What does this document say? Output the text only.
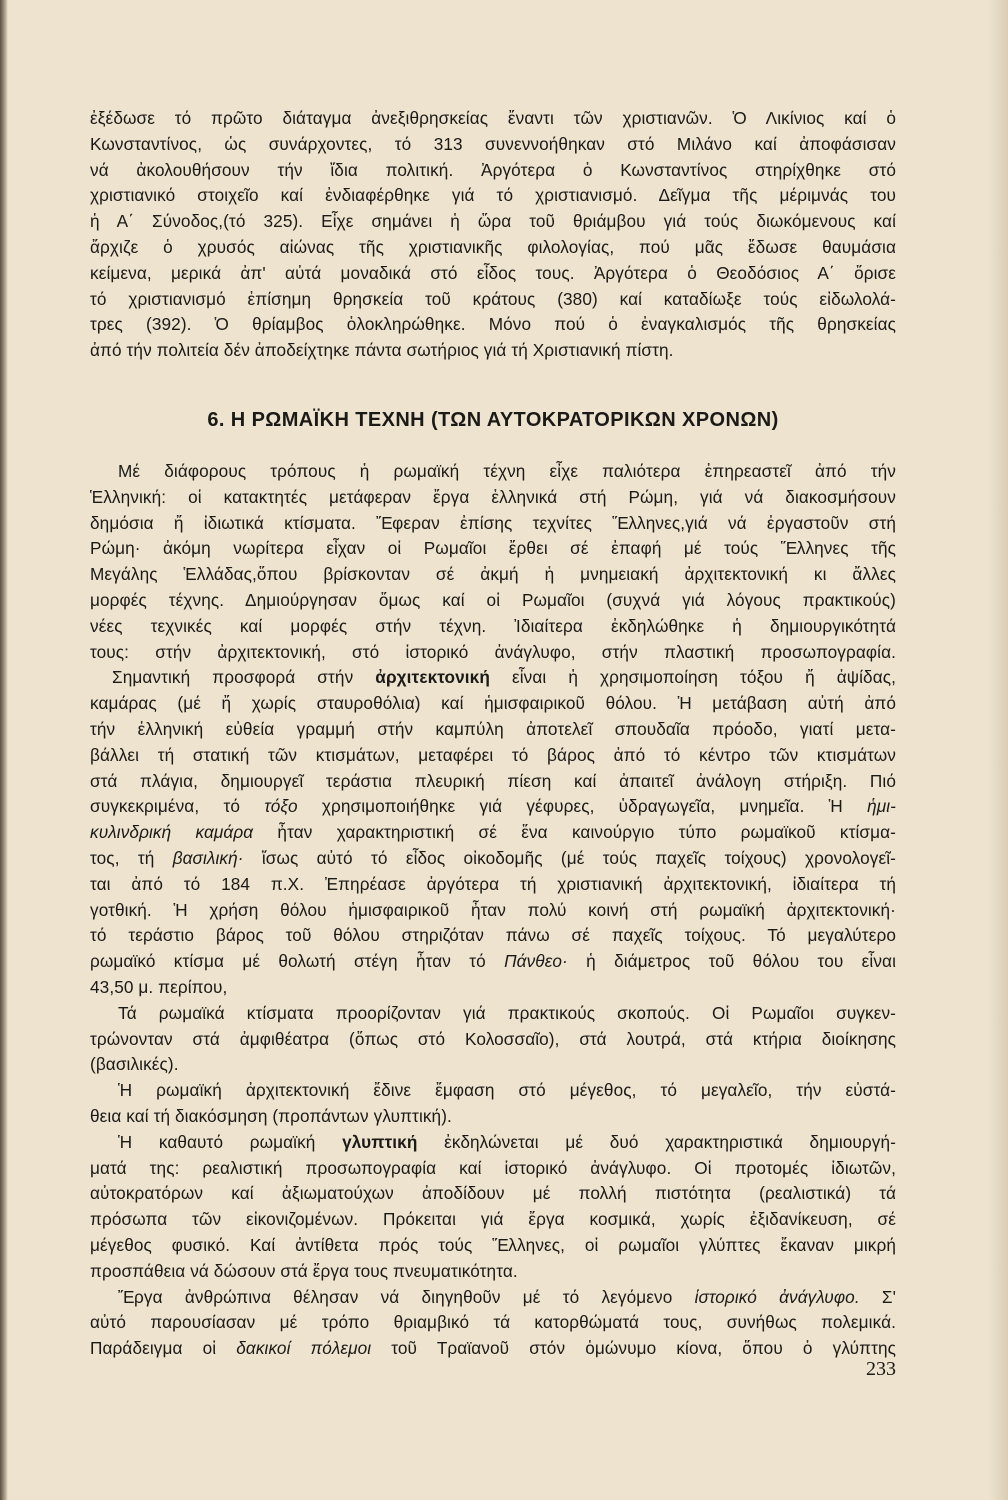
ἐξέδωσε τό πρῶτο διάταγμα ἀνεξιθρησκείας ἔναντι τῶν χριστιανῶν. Ὁ Λικίνιος καί ὁ
Κωνσταντίνος, ὡς συνάρχοντες, τό 313 συνεννοήθηκαν στό Μιλάνο καί ἀποφάσισαν
νά ἀκολουθήσουν τήν ἴδια πολιτική. Ἀργότερα ὁ Κωνσταντίνος στηρίχθηκε στό
χριστιανικό στοιχεῖο καί ἐνδιαφέρθηκε γιά τό χριστιανισμό. Δεῖγμα τῆς μέριμνάς του
ἡ Α΄ Σύνοδος,(τό 325). Εἶχε σημάνει ἡ ὥρα τοῦ θριάμβου γιά τούς διωκόμενους καί
ἄρχιζε ὁ χρυσός αἰώνας τῆς χριστιανικῆς φιλολογίας, πού μᾶς ἔδωσε θαυμάσια
κείμενα, μερικά ἀπ' αὐτά μοναδικά στό εἶδος τους. Ἀργότερα ὁ Θεοδόσιος Α΄ ὅρισε
τό χριστιανισμό ἐπίσημη θρησκεία τοῦ κράτους (380) καί καταδίωξε τούς εἰδωλολά-
τρες (392). Ὁ θρίαμβος ὁλοκληρώθηκε. Μόνο πού ὁ ἐναγκαλισμός τῆς θρησκείας
ἀπό τήν πολιτεία δέν ἀποδείχτηκε πάντα σωτήριος γιά τή Χριστιανική πίστη.
6. Η ΡΩΜΑΪΚΗ ΤΕΧΝΗ (ΤΩΝ ΑΥΤΟΚΡΑΤΟΡΙΚΩΝ ΧΡΟΝΩΝ)
Μέ διάφορους τρόπους ἡ ρωμαϊκή τέχνη εἶχε παλιότερα ἐπηρεαστεῖ ἀπό τήν
Ἑλληνική: οἱ κατακτητές μετάφεραν ἔργα ἑλληνικά στή Ρώμη, γιά νά διακοσμήσουν
δημόσια ἤ ἰδιωτικά κτίσματα. Ἔφεραν ἐπίσης τεχνίτες Ἕλληνες,γιά νά ἐργαστοῦν στή
Ρώμη· ἀκόμη νωρίτερα εἶχαν οἱ Ρωμαῖοι ἔρθει σέ ἐπαφή μέ τούς Ἕλληνες τῆς
Μεγάλης Ἑλλάδας,ὅπου βρίσκονταν σέ ἀκμή ἡ μνημειακή ἀρχιτεκτονική κι ἄλλες
μορφές τέχνης. Δημιούργησαν ὅμως καί οἱ Ρωμαῖοι (συχνά γιά λόγους πρακτικούς)
νέες τεχνικές καί μορφές στήν τέχνη. Ἰδιαίτερα ἐκδηλώθηκε ἡ δημιουργικότητά
τους: στήν ἀρχιτεκτονική, στό ἱστορικό ἀνάγλυφο, στήν πλαστική προσωπογραφία.
Σημαντική προσφορά στήν ἀρχιτεκτονική εἶναι ἡ χρησιμοποίηση τόξου ἤ ἀψίδας,
καμάρας (μέ ἤ χωρίς σταυροθόλια) καί ἡμισφαιρικοῦ θόλου. Ἡ μετάβαση αὐτή ἀπό
τήν ἑλληνική εὐθεία γραμμή στήν καμπύλη ἀποτελεῖ σπουδαῖα πρόοδο, γιατί μετα-
βάλλει τή στατική τῶν κτισμάτων, μεταφέρει τό βάρος ἀπό τό κέντρο τῶν κτισμάτων
στά πλάγια, δημιουργεῖ τεράστια πλευρική πίεση καί ἀπαιτεῖ ἀνάλογη στήριξη. Πιό
συγκεκριμένα, τό τόξο χρησιμοποιήθηκε γιά γέφυρες, ὑδραγωγεῖα, μνημεῖα. Ἡ ἡμι-
κυλινδρική καμάρα ἦταν χαρακτηριστική σέ ἕνα καινούργιο τύπο ρωμαϊκοῦ κτίσμα-
τος, τή βασιλική· ἴσως αὐτό τό εἶδος οἰκοδομῆς (μέ τούς παχεῖς τοίχους) χρονολογεῖ-
ται ἀπό τό 184 π.Χ. Ἐπηρέασε ἀργότερα τή χριστιανική ἀρχιτεκτονική, ἰδιαίτερα τή
γοτθική. Ἡ χρήση θόλου ἡμισφαιρικοῦ ἦταν πολύ κοινή στή ρωμαϊκή ἀρχιτεκτονική·
τό τεράστιο βάρος τοῦ θόλου στηριζόταν πάνω σέ παχεῖς τοίχους. Τό μεγαλύτερο
ρωμαϊκό κτίσμα μέ θολωτή στέγη ἦταν τό Πάνθεο· ἡ διάμετρος τοῦ θόλου του εἶναι
43,50 μ. περίπου,
Τά ρωμαϊκά κτίσματα προορίζονταν γιά πρακτικούς σκοπούς. Οἱ Ρωμαῖοι συγκεν-
τρώνονταν στά ἀμφιθέατρα (ὅπως στό Κολοσσαῖο), στά λουτρά, στά κτήρια διοίκησης
(βασιλικές).
Ἡ ρωμαϊκή ἀρχιτεκτονική ἔδινε ἔμφαση στό μέγεθος, τό μεγαλεῖο, τήν εὐστά-
θεια καί τή διακόσμηση (προπάντων γλυπτική).
Ἡ καθαυτό ρωμαϊκή γλυπτική ἐκδηλώνεται μέ δυό χαρακτηριστικά δημιουργή-
ματά της: ρεαλιστική προσωπογραφία καί ἱστορικό ἀνάγλυφο. Οἱ προτομές ἰδιωτῶν,
αὐτοκρατόρων καί ἀξιωματούχων ἀποδίδουν μέ πολλή πιστότητα (ρεαλιστικά) τά
πρόσωπα τῶν εἰκονιζομένων. Πρόκειται γιά ἔργα κοσμικά, χωρίς ἐξιδανίκευση, σέ
μέγεθος φυσικό. Καί ἀντίθετα πρός τούς Ἕλληνες, οἱ ρωμαῖοι γλύπτες ἔκαναν μικρή
προσπάθεια νά δώσουν στά ἔργα τους πνευματικότητα.
Ἔργα ἀνθρώπινα θέλησαν νά διηγηθοῦν μέ τό λεγόμενο ἱστορικό ἀνάγλυφο. Σ'
αὐτό παρουσίασαν μέ τρόπο θριαμβικό τά κατορθώματά τους, συνήθως πολεμικά.
Παράδειγμα οἱ δακικοί πόλεμοι τοῦ Τραϊανοῦ στόν ὁμώνυμο κίονα, ὅπου ὁ γλύπτης
233
